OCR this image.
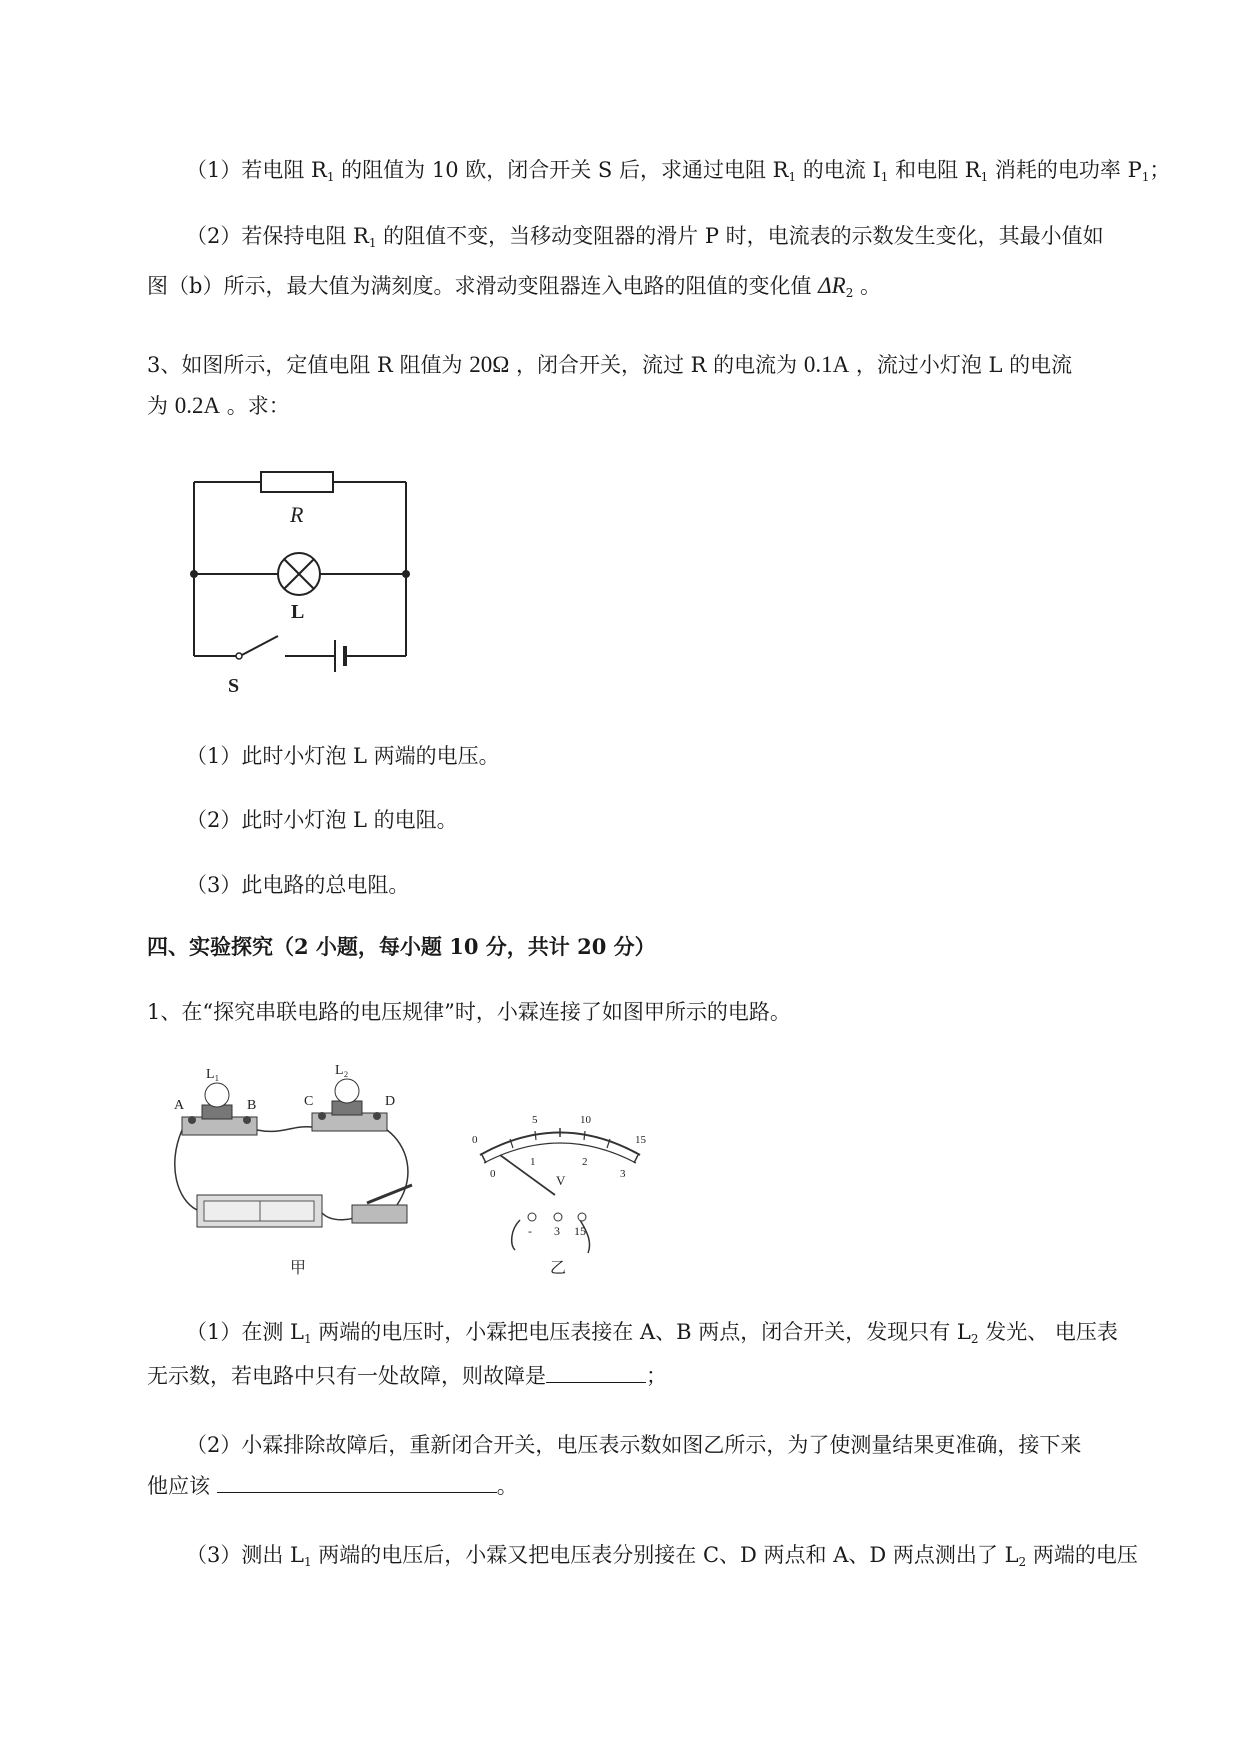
（1）若电阻 $R_1$ 的阻值为 10 欧，闭合开关 S 后，求通过电阻 $R_1$ 的电流 $I_1$ 和电阻 $R_1$ 消耗的电功率 $P_1$；
（2）若保持电阻 $R_1$ 的阻值不变，当移动变阻器的滑片 P 时，电流表的示数发生变化，其最小值如
图（b）所示，最大值为满刻度。求滑动变阻器连入电路的阻值的变化值 $\Delta R_2$ 。
3、如图所示，定值电阻 R 阻值为 20Ω ，闭合开关，流过 R 的电流为 0.1A ，流过小灯泡 L 的电流
为 0.2A 。求：
R
L
S
（1）此时小灯泡 L 两端的电压。
（2）此时小灯泡 L 的电阻。
（3）此电路的总电阻。
四、实验探究（2 小题，每小题 10 分，共计 20 分）
1、在“探究串联电路的电压规律”时，小霖连接了如图甲所示的电路。
L₁	L₂
A	B	C	D
甲
0
5	10
15
0
1	2
3
V
- 3 15
乙
（1）在测 $L_1$ 两端的电压时，小霖把电压表接在 A、B 两点，闭合开关，发现只有 $L_2$ 发光、 电压表
无示数，若电路中只有一处故障，则故障是	；
（2）小霖排除故障后，重新闭合开关，电压表示数如图乙所示，为了使测量结果更准确，接下来
他应该	。
（3）测出 $L_1$ 两端的电压后，小霖又把电压表分别接在 C、D 两点和 A、D 两点测出了 $L_2$ 两端的电压
